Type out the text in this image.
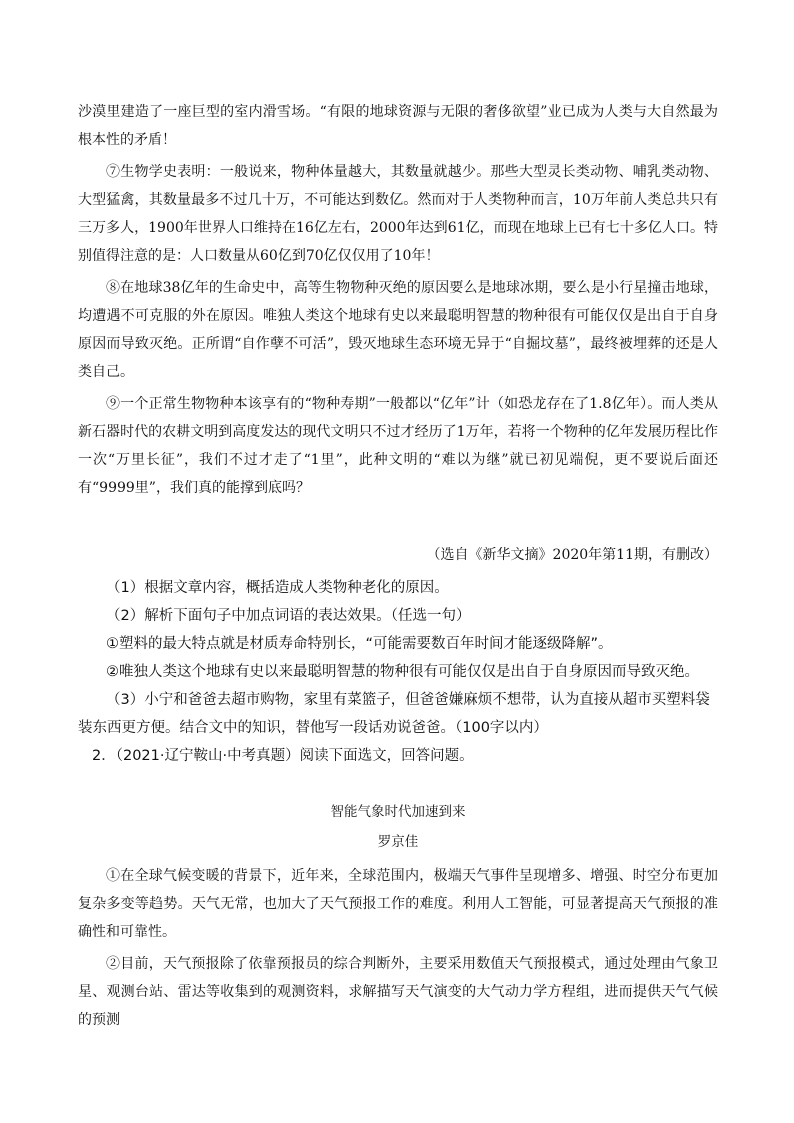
沙漠里建造了一座巨型的室内滑雪场。“有限的地球资源与无限的奢侈欲望”业已成为人类与大自然最为根本性的矛盾！

⑦生物学史表明：一般说来，物种体量越大，其数量就越少。那些大型灵长类动物、哺乳类动物、大型猛禽，其数量最多不过几十万，不可能达到数亿。然而对于人类物种而言，10万年前人类总共只有三万多人，1900年世界人口维持在16亿左右，2000年达到61亿，而现在地球上已有七十多亿人口。特别值得注意的是：人口数量从60亿到70亿仅仅用了10年！

⑧在地球38亿年的生命史中，高等生物物种灭绝的原因要么是地球冰期，要么是小行星撞击地球，均遭遇不可克服的外在原因。唯独人类这个地球有史以来最聪明智慧的物种很有可能仅仅是出自于自身原因而导致灭绝。正所谓“自作孽不可活”，毁灭地球生态环境无异于“自掘坟墓”，最终被埋葬的还是人类自己。

⑨一个正常生物物种本该享有的“物种寿期”一般都以“亿年”计（如恐龙存在了1.8亿年）。而人类从新石器时代的农耕文明到高度发达的现代文明只不过才经历了1万年，若将一个物种的亿年发展历程比作一次“万里长征”，我们不过才走了“1里”，此种文明的“难以为继”就已初见端倪，更不要说后面还有“9999里”，我们真的能撑到底吗？

（选自《新华文摘》2020年第11期，有删改）

（1）根据文章内容，概括造成人类物种老化的原因。

（2）解析下面句子中加点词语的表达效果。（任选一句）

①塑料的最大特点就是材质寿命特别长，“可能需要数百年时间才能逐级降解”。

②唯独人类这个地球有史以来最聪明智慧的物种很有可能仅仅是出自于自身原因而导致灭绝。

（3）小宁和爸爸去超市购物，家里有菜篮子，但爸爸嫌麻烦不想带，认为直接从超市买塑料袋装东西更方便。结合文中的知识，替他写一段话劝说爸爸。（100字以内）

2．（2021·辽宁鞍山·中考真题）阅读下面选文，回答问题。

智能气象时代加速到来
罗京佳

①在全球气候变暖的背景下，近年来，全球范围内，极端天气事件呈现增多、增强、时空分布更加复杂多变等趋势。天气无常，也加大了天气预报工作的难度。利用人工智能，可显著提高天气预报的准确性和可靠性。

②目前，天气预报除了依靠预报员的综合判断外，主要采用数值天气预报模式，通过处理由气象卫星、观测台站、雷达等收集到的观测资料，求解描写天气演变的大气动力学方程组，进而提供天气气候的预测
